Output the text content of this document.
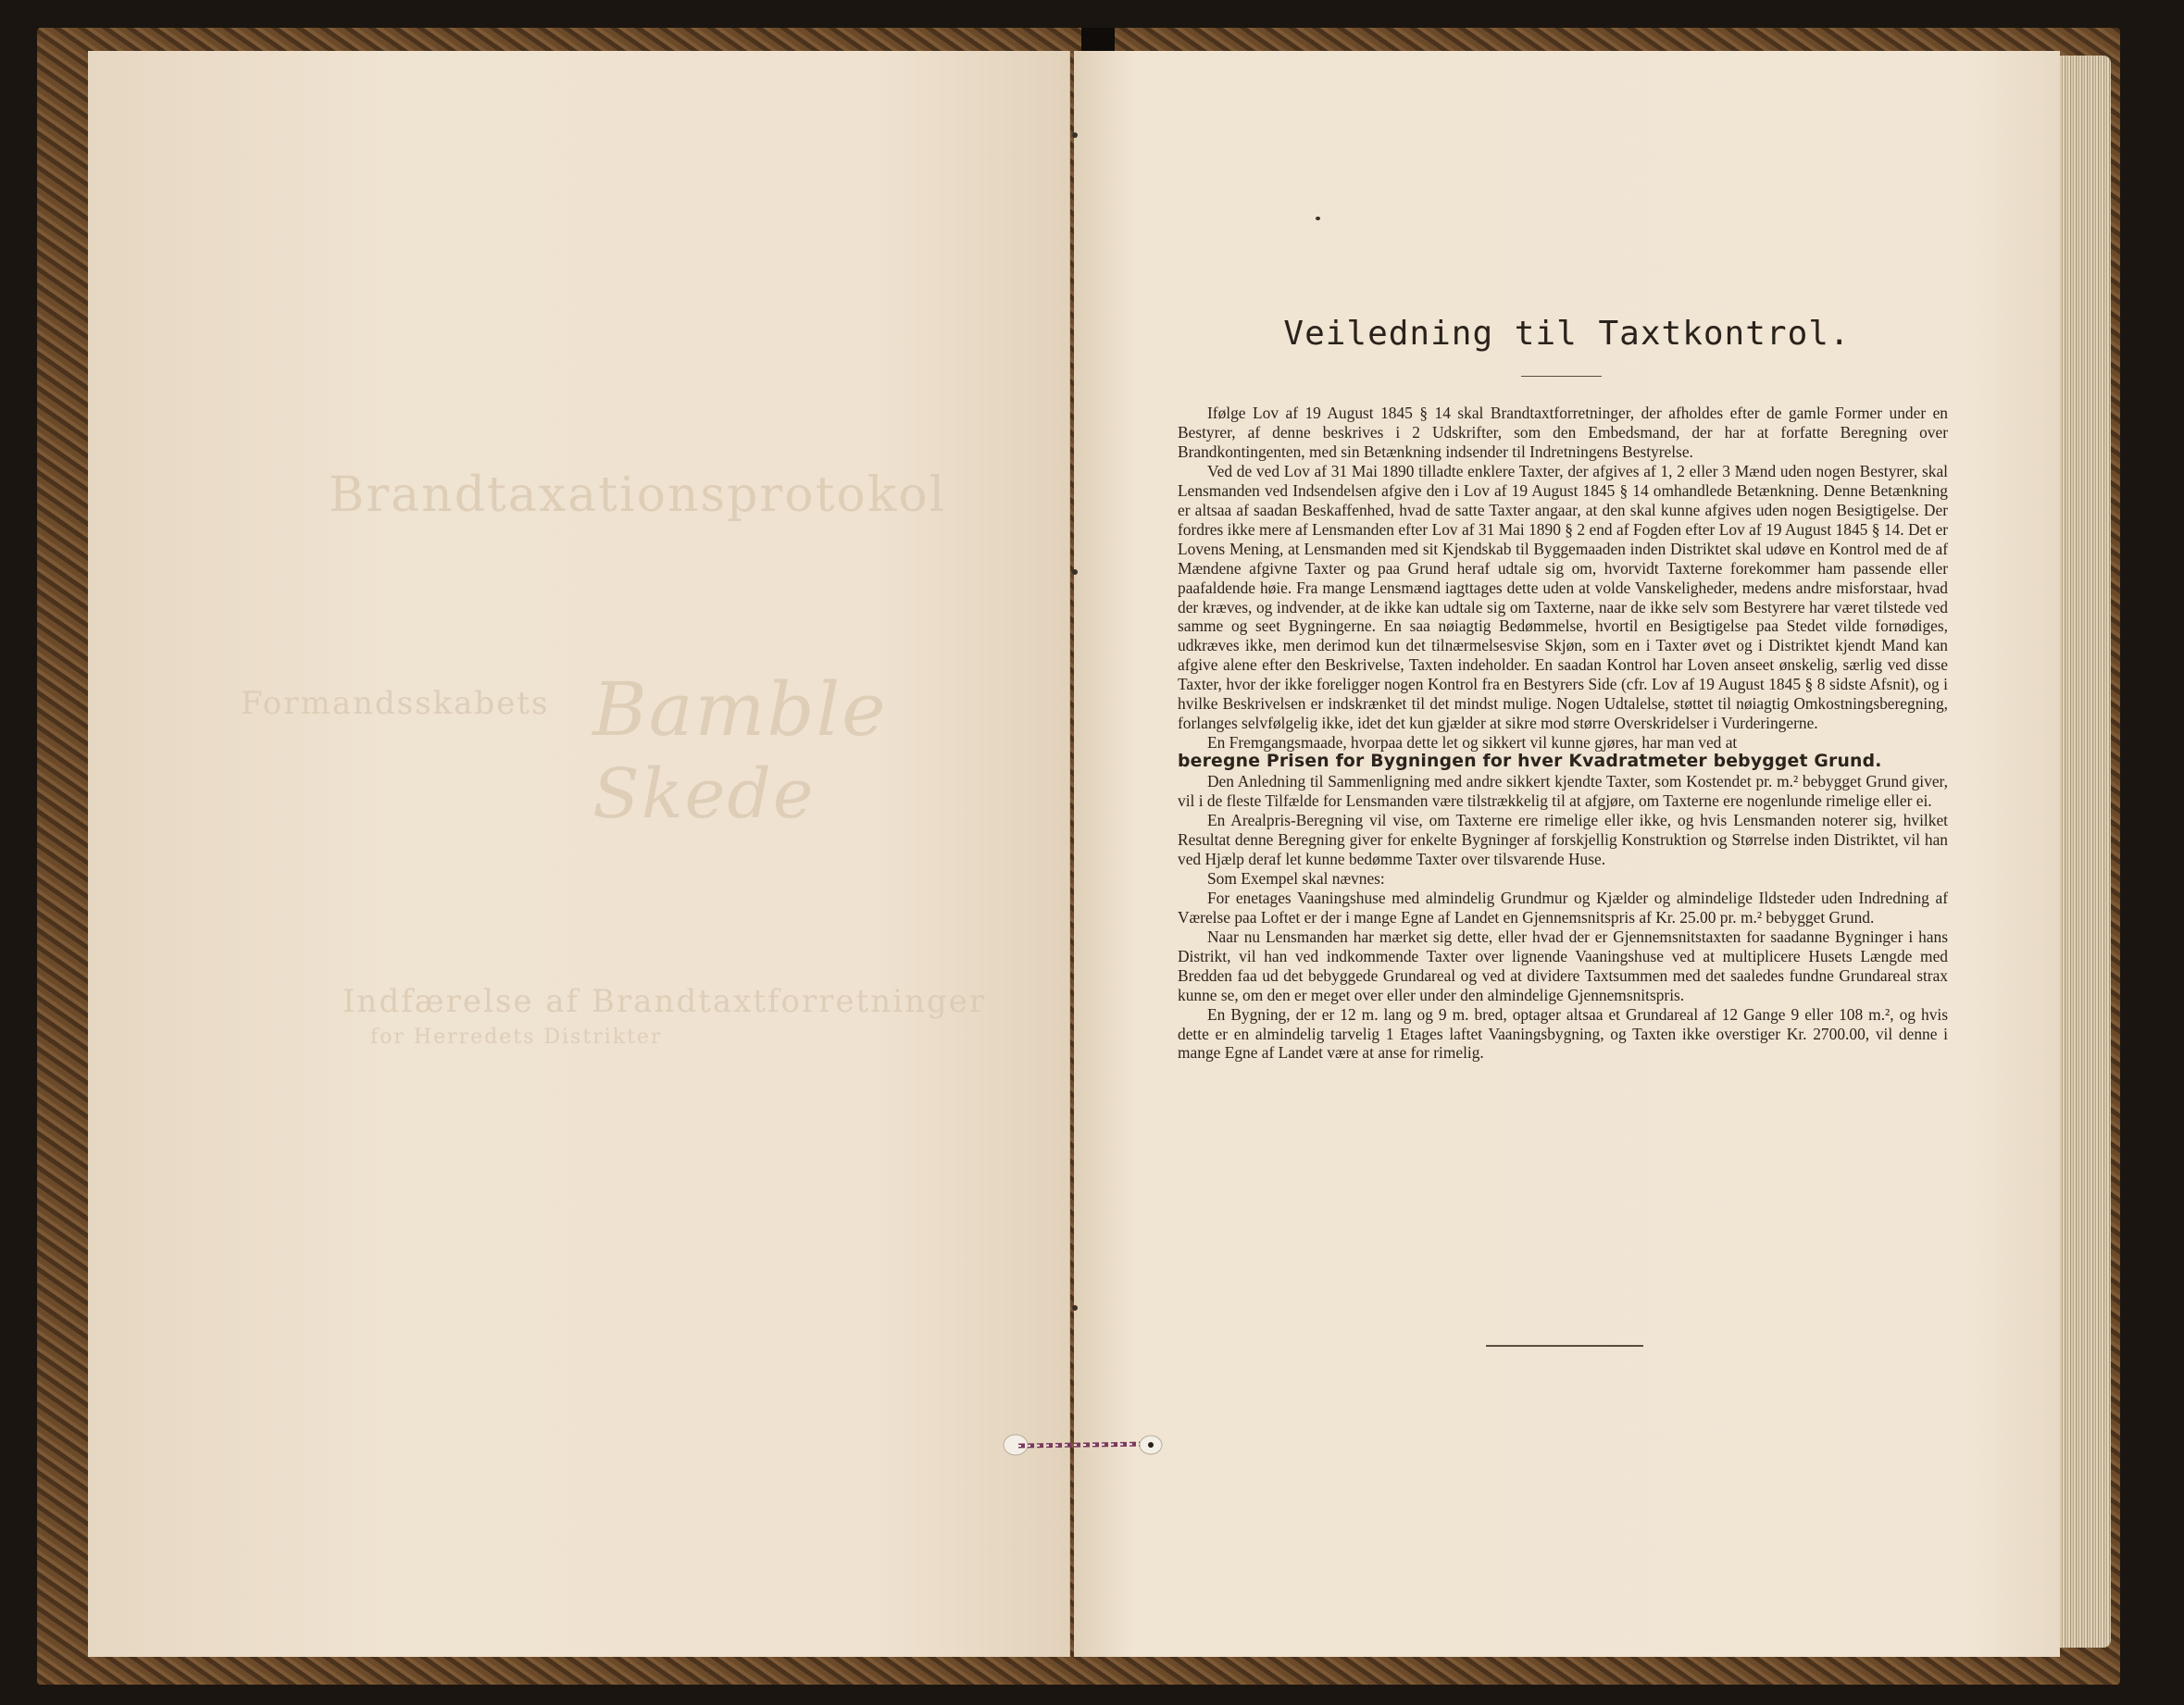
Brandtaxationsprotokol
Formandsskabets Bamble
Skede
Indfærelse af Brandtaxtforretninger
for Herredets Distrikter
Veiledning til Taxtkontrol.

Ifølge Lov af 19 August 1845 § 14 skal Brandtaxtforretninger, der afholdes efter de gamle Former under en Bestyrer, af denne beskrives i 2 Udskrifter, som den Embedsmand, der har at forfatte Beregning over Brandkontingenten, med sin Betænkning indsender til Indretningens Bestyrelse.

Ved de ved Lov af 31 Mai 1890 tilladte enklere Taxter, der afgives af 1, 2 eller 3 Mænd uden nogen Bestyrer, skal Lensmanden ved Indsendelsen afgive den i Lov af 19 August 1845 § 14 omhandlede Betænkning. Denne Betænkning er altsaa af saadan Beskaffenhed, hvad de satte Taxter angaar, at den skal kunne afgives uden nogen Besigtigelse. Der fordres ikke mere af Lensmanden efter Lov af 31 Mai 1890 § 2 end af Fogden efter Lov af 19 August 1845 § 14. Det er Lovens Mening, at Lensmanden med sit Kjendskab til Byggemaaden inden Distriktet skal udøve en Kontrol med de af Mændene afgivne Taxter og paa Grund heraf udtale sig om, hvorvidt Taxterne forekommer ham passende eller paafaldende høie. Fra mange Lensmænd iagttages dette uden at volde Vanskeligheder, medens andre misforstaar, hvad der kræves, og indvender, at de ikke kan udtale sig om Taxterne, naar de ikke selv som Bestyrere har været tilstede ved samme og seet Bygningerne. En saa nøiagtig Bedømmelse, hvortil en Besigtigelse paa Stedet vilde fornødiges, udkræves ikke, men derimod kun det tilnærmelsesvise Skjøn, som en i Taxter øvet og i Distriktet kjendt Mand kan afgive alene efter den Beskrivelse, Taxten indeholder. En saadan Kontrol har Loven anseet ønskelig, særlig ved disse Taxter, hvor der ikke foreligger nogen Kontrol fra en Bestyrers Side (cfr. Lov af 19 August 1845 § 8 sidste Afsnit), og i hvilke Beskrivelsen er indskrænket til det mindst mulige. Nogen Udtalelse, støttet til nøiagtig Omkostningsberegning, forlanges selvfølgelig ikke, idet det kun gjælder at sikre mod større Overskridelser i Vurderingerne.

En Fremgangsmaade, hvorpaa dette let og sikkert vil kunne gjøres, har man ved at

beregne Prisen for Bygningen for hver Kvadratmeter bebygget Grund.

Den Anledning til Sammenligning med andre sikkert kjendte Taxter, som Kostendet pr. m.² bebygget Grund giver, vil i de fleste Tilfælde for Lensmanden være tilstrækkelig til at afgjøre, om Taxterne ere nogenlunde rimelige eller ei.

En Arealpris-Beregning vil vise, om Taxterne ere rimelige eller ikke, og hvis Lensmanden noterer sig, hvilket Resultat denne Beregning giver for enkelte Bygninger af forskjellig Konstruktion og Størrelse inden Distriktet, vil han ved Hjælp deraf let kunne bedømme Taxter over tilsvarende Huse.

Som Exempel skal nævnes:

For enetages Vaaningshuse med almindelig Grundmur og Kjælder og almindelige Ildsteder uden Indredning af Værelse paa Loftet er der i mange Egne af Landet en Gjennemsnitspris af Kr. 25.00 pr. m.² bebygget Grund.

Naar nu Lensmanden har mærket sig dette, eller hvad der er Gjennemsnitstaxten for saadanne Bygninger i hans Distrikt, vil han ved indkommende Taxter over lignende Vaaningshuse ved at multiplicere Husets Længde med Bredden faa ud det bebyggede Grundareal og ved at dividere Taxtsummen med det saaledes fundne Grundareal strax kunne se, om den er meget over eller under den almindelige Gjennemsnitspris.

En Bygning, der er 12 m. lang og 9 m. bred, optager altsaa et Grundareal af 12 Gange 9 eller 108 m.², og hvis dette er en almindelig tarvelig 1 Etages laftet Vaaningsbygning, og Taxten ikke overstiger Kr. 2700.00, vil denne i mange Egne af Landet være at anse for rimelig.
